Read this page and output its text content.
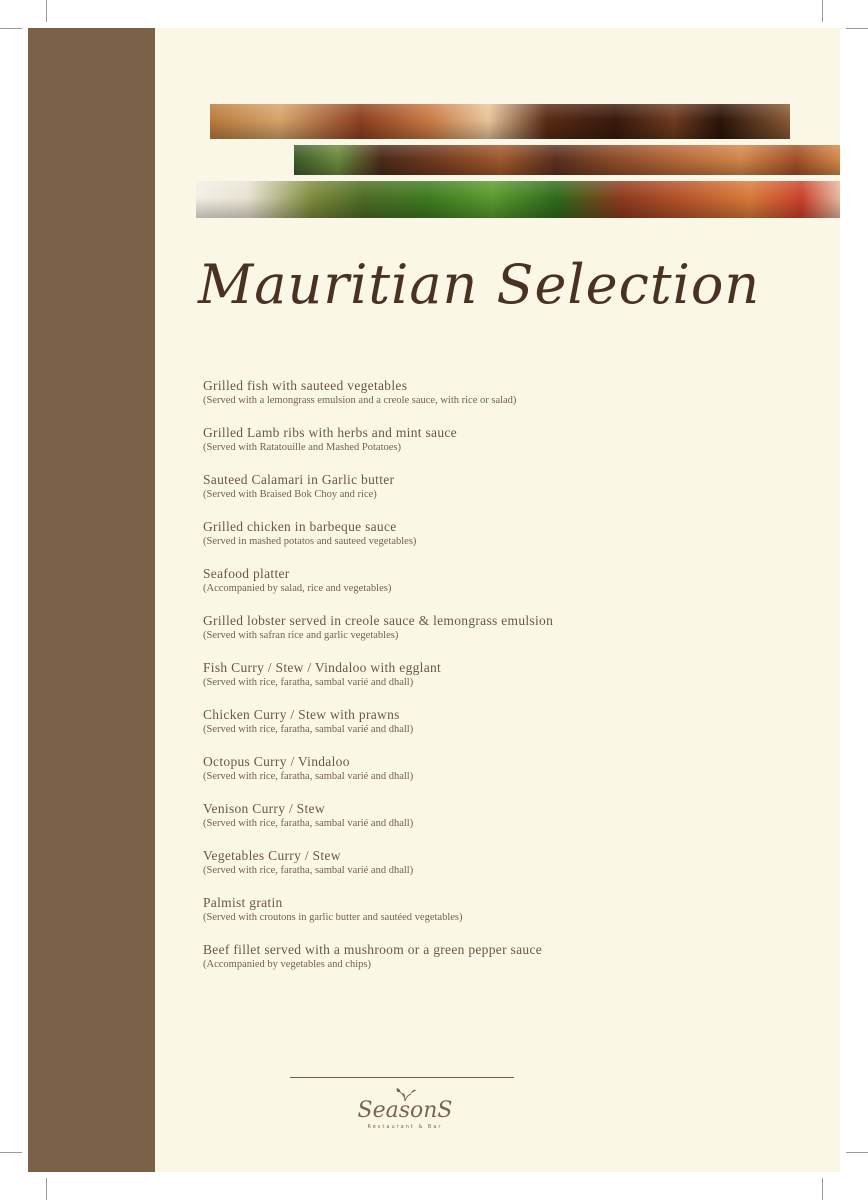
Mauritian Selection
Grilled fish with sauteed vegetables
(Served with a lemongrass emulsion and a creole sauce, with rice or salad)
Grilled Lamb ribs with herbs and mint sauce
(Served with Ratatouille and Mashed Potatoes)
Sauteed Calamari in Garlic butter
(Served with Braised Bok Choy and rice)
Grilled chicken in barbeque sauce
(Served in mashed potatos and sauteed vegetables)
Seafood platter
(Accompanied by salad, rice and vegetables)
Grilled lobster served in creole sauce & lemongrass emulsion
(Served with safran rice and garlic vegetables)
Fish Curry / Stew / Vindaloo with egglant
(Served with rice, faratha, sambal varié and dhall)
Chicken Curry / Stew with prawns
(Served with rice, faratha, sambal varié and dhall)
Octopus Curry / Vindaloo
(Served with rice, faratha, sambal varié and dhall)
Venison Curry / Stew
(Served with rice, faratha, sambal varié and dhall)
Vegetables Curry / Stew
(Served with rice, faratha, sambal varié and dhall)
Palmist gratin
(Served with croutons in garlic butter and sautéed vegetables)
Beef fillet served with a mushroom or a green pepper sauce
(Accompanied by vegetables and chips)
SeasonS
Restaurant & Bar
